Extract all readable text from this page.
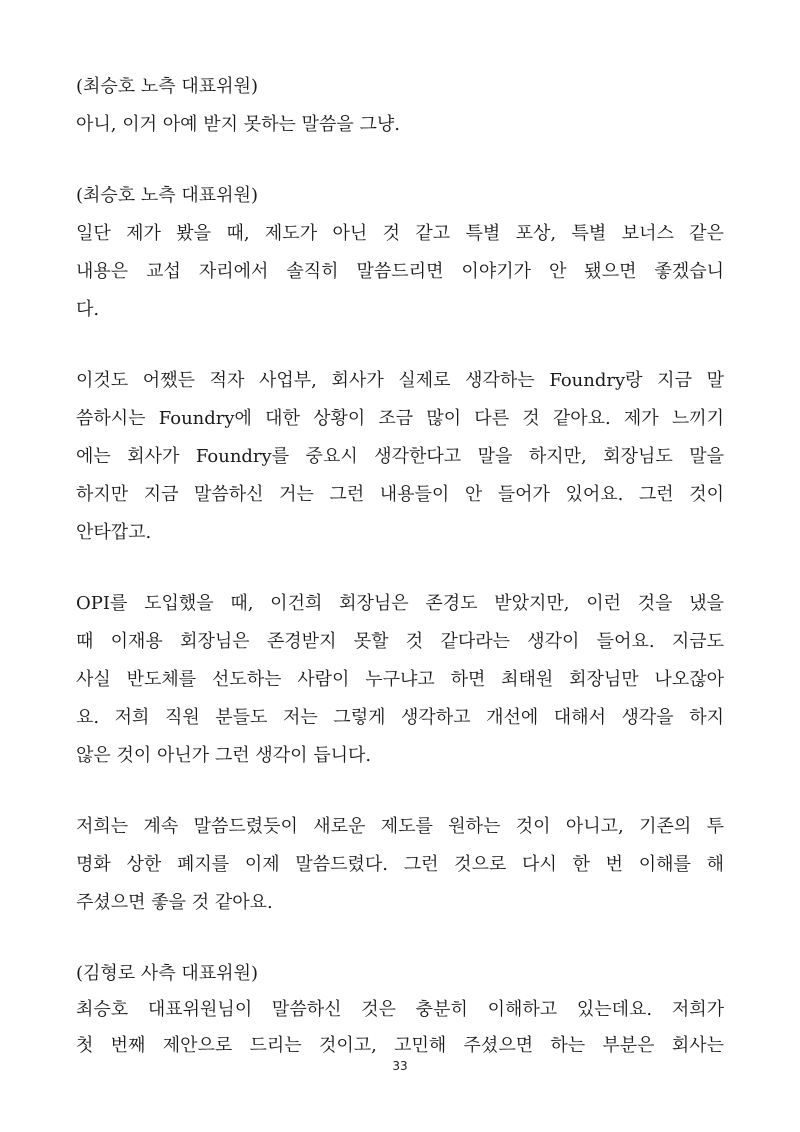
(최승호 노측 대표위원)
아니, 이거 아예 받지 못하는 말씀을 그냥.
(최승호 노측 대표위원)
일단 제가 봤을 때, 제도가 아닌 것 같고 특별 포상, 특별 보너스 같은
내용은 교섭 자리에서 솔직히 말씀드리면 이야기가 안 됐으면 좋겠습니
다.
이것도 어쨌든 적자 사업부, 회사가 실제로 생각하는 Foundry랑 지금 말
씀하시는 Foundry에 대한 상황이 조금 많이 다른 것 같아요. 제가 느끼기
에는 회사가 Foundry를 중요시 생각한다고 말을 하지만, 회장님도 말을
하지만 지금 말씀하신 거는 그런 내용들이 안 들어가 있어요. 그런 것이
안타깝고.
OPI를 도입했을 때, 이건희 회장님은 존경도 받았지만, 이런 것을 냈을
때 이재용 회장님은 존경받지 못할 것 같다라는 생각이 들어요. 지금도
사실 반도체를 선도하는 사람이 누구냐고 하면 최태원 회장님만 나오잖아
요. 저희 직원 분들도 저는 그렇게 생각하고 개선에 대해서 생각을 하지
않은 것이 아닌가 그런 생각이 듭니다.
저희는 계속 말씀드렸듯이 새로운 제도를 원하는 것이 아니고, 기존의 투
명화 상한 폐지를 이제 말씀드렸다. 그런 것으로 다시 한 번 이해를 해
주셨으면 좋을 것 같아요.
(김형로 사측 대표위원)
최승호 대표위원님이 말씀하신 것은 충분히 이해하고 있는데요. 저희가
첫 번째 제안으로 드리는 것이고, 고민해 주셨으면 하는 부분은 회사는
33
